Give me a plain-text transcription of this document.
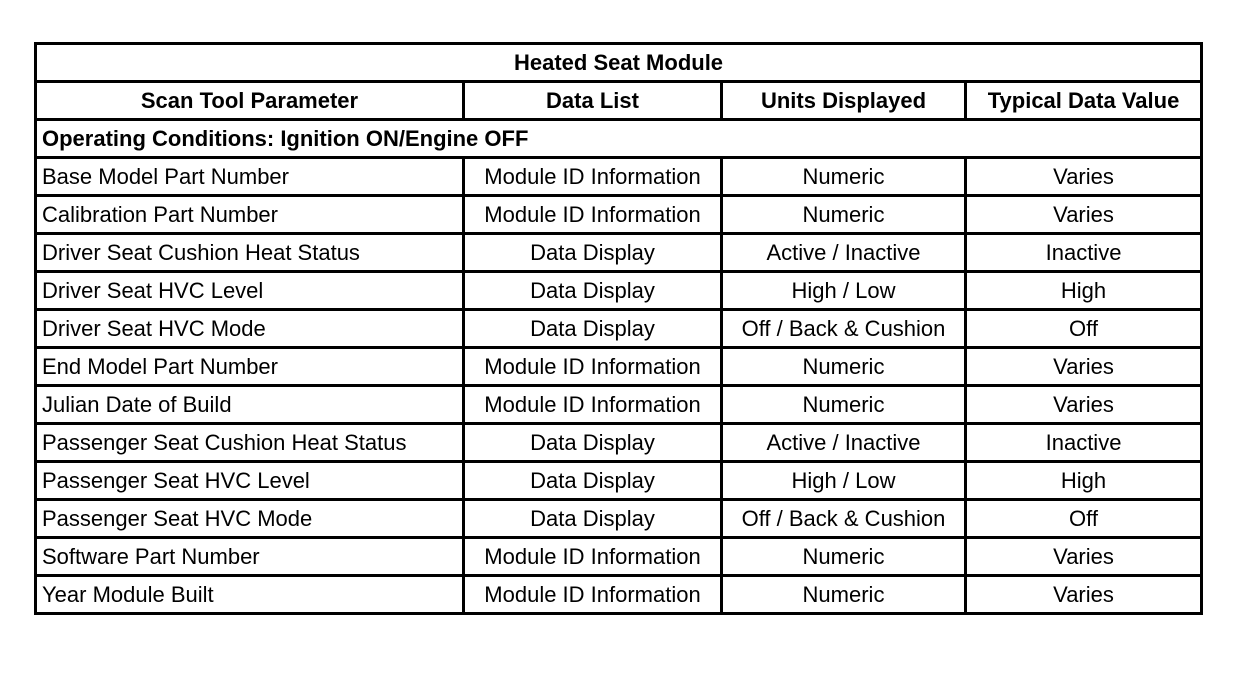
Heated Seat Module			
Scan Tool Parameter	Data List	Units Displayed	Typical Data Value
Operating Conditions: Ignition ON/Engine OFF			
Base Model Part Number	Module ID Information	Numeric	Varies
Calibration Part Number	Module ID Information	Numeric	Varies
Driver Seat Cushion Heat Status	Data Display	Active / Inactive	Inactive
Driver Seat HVC Level	Data Display	High / Low	High
Driver Seat HVC Mode	Data Display	Off / Back & Cushion	Off
End Model Part Number	Module ID Information	Numeric	Varies
Julian Date of Build	Module ID Information	Numeric	Varies
Passenger Seat Cushion Heat Status	Data Display	Active / Inactive	Inactive
Passenger Seat HVC Level	Data Display	High / Low	High
Passenger Seat HVC Mode	Data Display	Off / Back & Cushion	Off
Software Part Number	Module ID Information	Numeric	Varies
Year Module Built	Module ID Information	Numeric	Varies
